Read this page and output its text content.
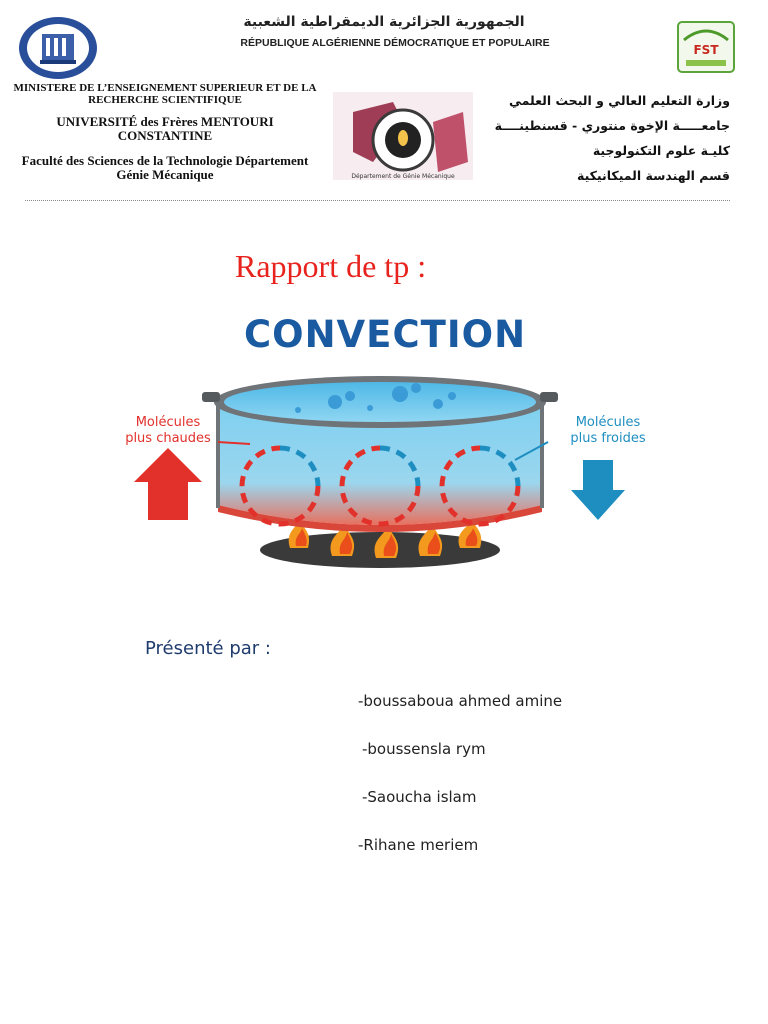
الجمهورية الجزائرية الديمقراطية الشعبية
RÉPUBLIQUE ALGÉRIENNE DÉMOCRATIQUE ET POPULAIRE	FST
MINISTERE DE L’ENSEIGNEMENT SUPERIEUR ET DE LA RECHERCHE SCIENTIFIQUE
UNIVERSITÉ des Frères MENTOURI CONSTANTINE
Faculté des Sciences de la Technologie Département Génie Mécanique	Département de Génie Mécanique
وزارة التعليم العالي و البحث العلمي
جامعـــــة الإخوة منتوري - قسنطينــــة
كليـة علوم التكنولوجية
قسم الهندسة الميكانيكية
Rapport de tp :
CONVECTION
Molécules
plus chaudes
Molécules
plus froides
Présenté par :
-boussaboua ahmed amine
-boussensla rym
-Saoucha islam
-Rihane meriem
